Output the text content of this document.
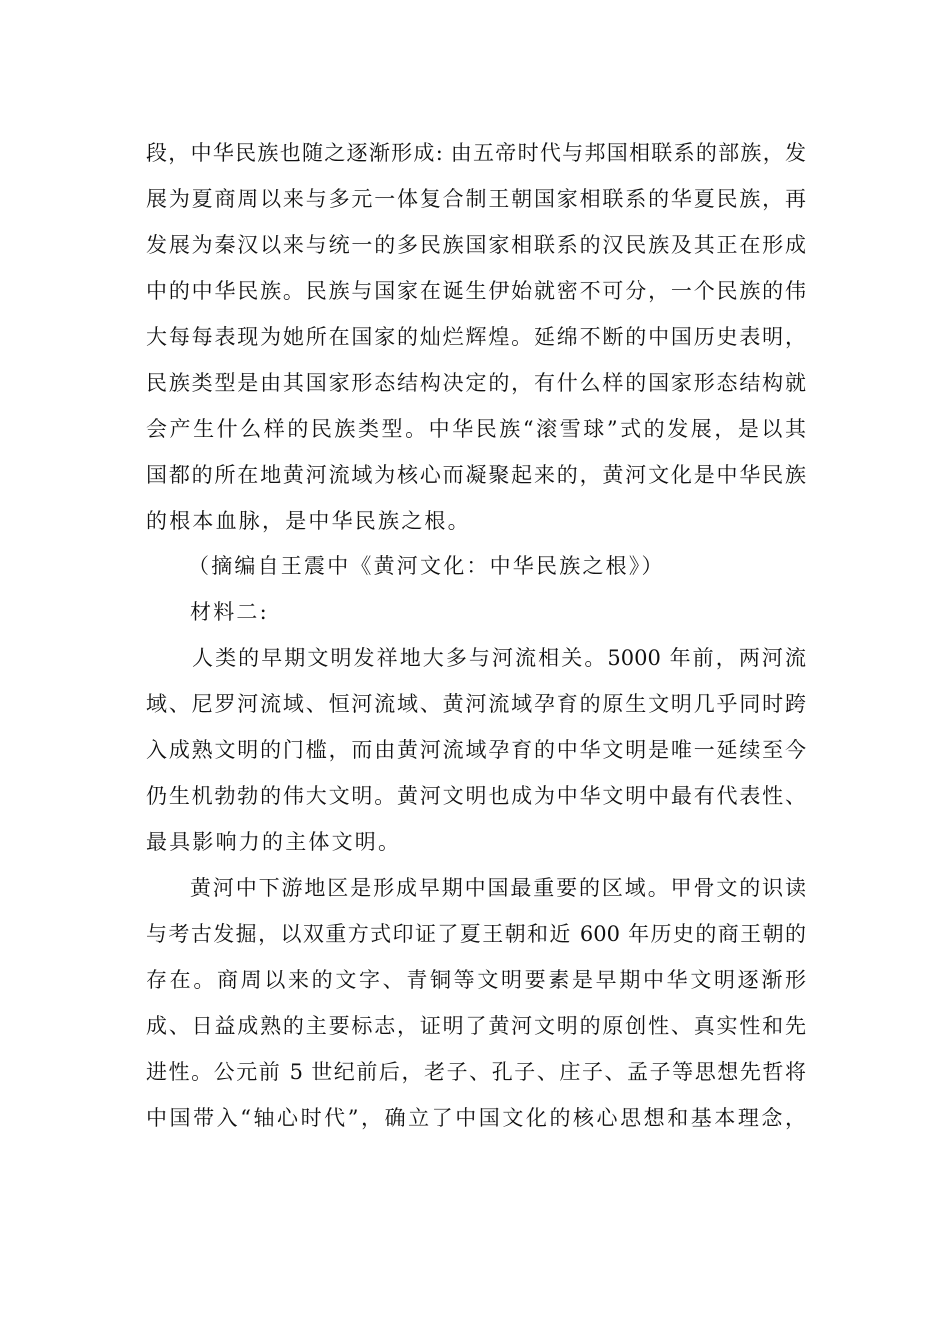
段，中华民族也随之逐渐形成: 由五帝时代与邦国相联系的部族，发
展为夏商周以来与多元一体复合制王朝国家相联系的华夏民族，再
发展为秦汉以来与统一的多民族国家相联系的汉民族及其正在形成
中的中华民族。民族与国家在诞生伊始就密不可分，一个民族的伟
大每每表现为她所在国家的灿烂辉煌。延绵不断的中国历史表明，
民族类型是由其国家形态结构决定的，有什么样的国家形态结构就
会产生什么样的民族类型。中华民族“滚雪球”式的发展，是以其
国都的所在地黄河流域为核心而凝聚起来的，黄河文化是中华民族
的根本血脉，是中华民族之根。
（摘编自王震中《黄河文化：中华民族之根》）
材料二:
人类的早期文明发祥地大多与河流相关。5000 年前，两河流
域、尼罗河流域、恒河流域、黄河流域孕育的原生文明几乎同时跨
入成熟文明的门槛，而由黄河流域孕育的中华文明是唯一延续至今
仍生机勃勃的伟大文明。黄河文明也成为中华文明中最有代表性、
最具影响力的主体文明。
黄河中下游地区是形成早期中国最重要的区域。甲骨文的识读
与考古发掘，以双重方式印证了夏王朝和近 600 年历史的商王朝的
存在。商周以来的文字、青铜等文明要素是早期中华文明逐渐形
成、日益成熟的主要标志，证明了黄河文明的原创性、真实性和先
进性。公元前 5 世纪前后，老子、孔子、庄子、孟子等思想先哲将
中国带入“轴心时代”，确立了中国文化的核心思想和基本理念，
